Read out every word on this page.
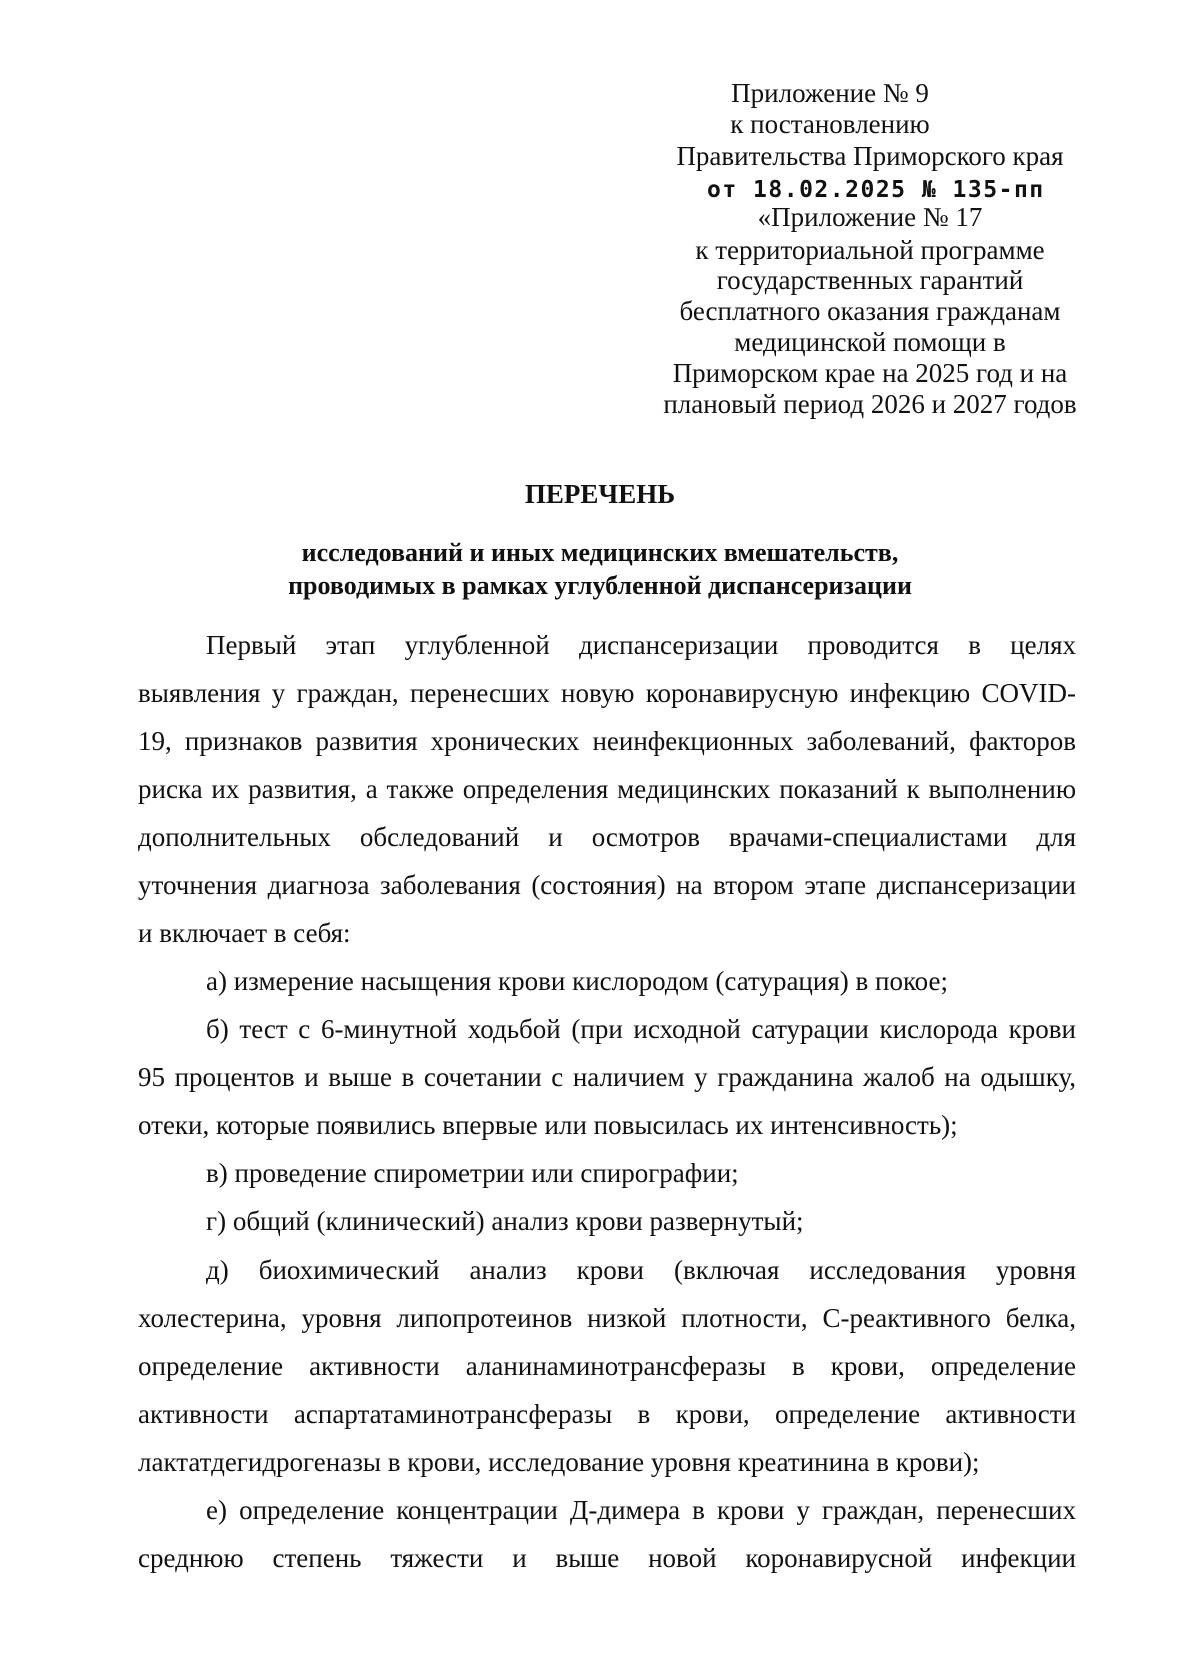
Приложение № 9
к постановлению
Правительства Приморского края
от 18.02.2025 № 135-пп
«Приложение № 17
к территориальной программе
государственных гарантий
бесплатного оказания гражданам
медицинской помощи в
Приморском крае на 2025 год и на
плановый период 2026 и 2027 годов
ПЕРЕЧЕНЬ
исследований и иных медицинских вмешательств,
проводимых в рамках углубленной диспансеризации
Первый этап углубленной диспансеризации проводится в целях
выявления у граждан, перенесших новую коронавирусную инфекцию COVID-
19, признаков развития хронических неинфекционных заболеваний, факторов
риска их развития, а также определения медицинских показаний к выполнению
дополнительных обследований и осмотров врачами-специалистами для
уточнения диагноза заболевания (состояния) на втором этапе диспансеризации
и включает в себя:
а) измерение насыщения крови кислородом (сатурация) в покое;
б) тест с 6-минутной ходьбой (при исходной сатурации кислорода крови
95 процентов и выше в сочетании с наличием у гражданина жалоб на одышку,
отеки, которые появились впервые или повысилась их интенсивность);
в) проведение спирометрии или спирографии;
г) общий (клинический) анализ крови развернутый;
д) биохимический анализ крови (включая исследования уровня
холестерина, уровня липопротеинов низкой плотности, С-реактивного белка,
определение активности аланинаминотрансферазы в крови, определение
активности аспартатаминотрансферазы в крови, определение активности
лактатдегидрогеназы в крови, исследование уровня креатинина в крови);
е) определение концентрации Д-димера в крови у граждан, перенесших
среднюю степень тяжести и выше новой коронавирусной инфекции
